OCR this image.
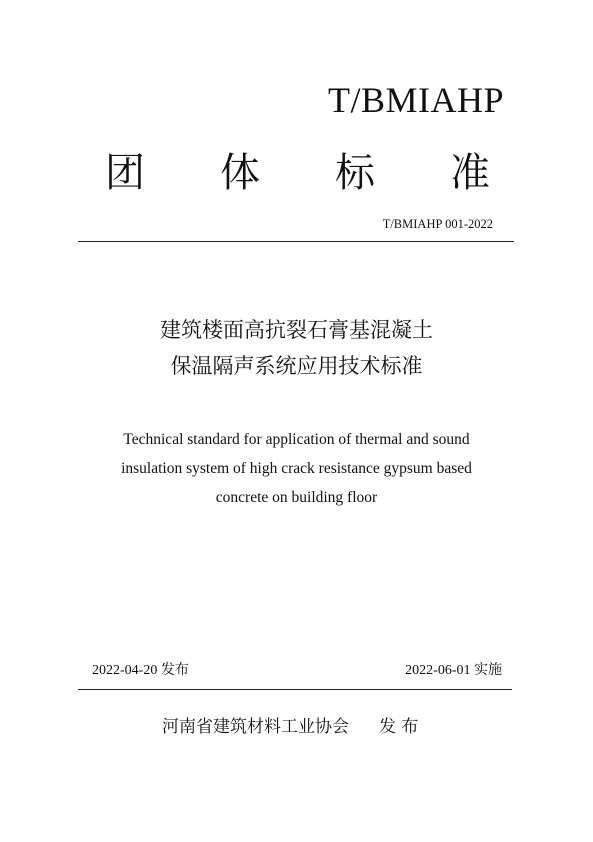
T/BMIAHP
团 体 标 准
T/BMIAHP 001-2022
建筑楼面高抗裂石膏基混凝土
保温隔声系统应用技术标准
Technical standard for application of thermal and sound
insulation system of high crack resistance gypsum based
concrete on building floor
2022-04-20 发布	2022-06-01 实施
河南省建筑材料工业协会 发 布
